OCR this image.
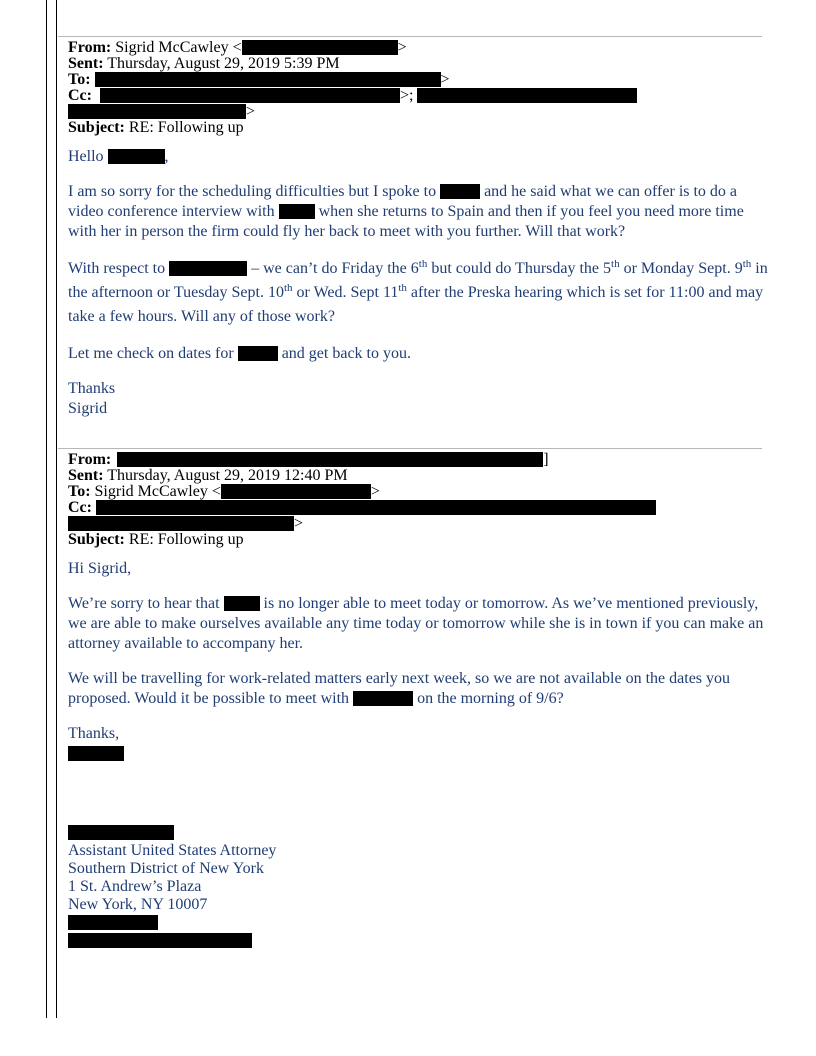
From: Sigrid McCawley <	>
Sent: Thursday, August 29, 2019 5:39 PM
To:	>
Cc:	>;
>
Subject: RE: Following up

Hello	,

I am so sorry for the scheduling difficulties but I spoke to	and he said what we can offer is to do a video conference interview with	when she returns to Spain and then if you feel you need more time with her in person the firm could fly her back to meet with you further. Will that work?

With respect to	– we can’t do Friday the 6th but could do Thursday the 5th or Monday Sept. 9th in the afternoon or Tuesday Sept. 10th or Wed. Sept 11th after the Preska hearing which is set for 11:00 and may take a few hours. Will any of those work?

Let me check on dates for	and get back to you.

Thanks

Sigrid

From:	]
Sent: Thursday, August 29, 2019 12:40 PM
To: Sigrid McCawley <	>
Cc:
>
Subject: RE: Following up

Hi Sigrid,

We’re sorry to hear that	is no longer able to meet today or tomorrow. As we’ve mentioned previously, we are able to make ourselves available any time today or tomorrow while she is in town if you can make an attorney available to accompany her.

We will be travelling for work-related matters early next week, so we are not available on the dates you proposed. Would it be possible to meet with	on the morning of 9/6?

Thanks,

Assistant United States Attorney
Southern District of New York
1 St. Andrew’s Plaza
New York, NY 10007
